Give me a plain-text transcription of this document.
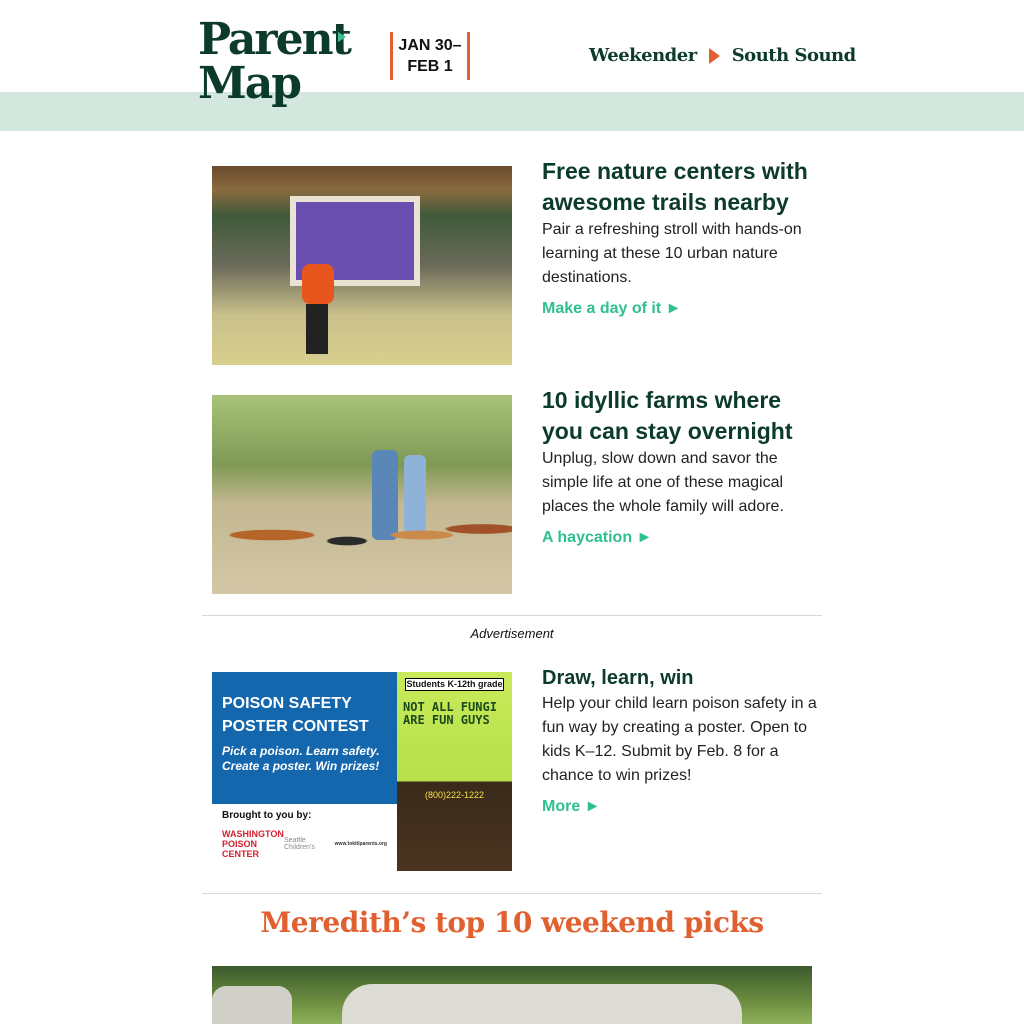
Parent
Map
JAN 30–
FEB 1
Weekender South Sound
Free nature centers with awesome trails nearby

Pair a refreshing stroll with hands-on learning at these 10 urban nature destinations.

Make a day of it ►
10 idyllic farms where you can stay overnight

Unplug, slow down and savor the simple life at one of these magical places the whole family will adore.

A haycation ►
Advertisement
POISON SAFETY POSTER CONTEST
Pick a poison. Learn safety. Create a poster. Win prizes!
Brought to you by:
WASHINGTON POISON CENTER
Seattle Children's	www.tokitlparents.org
Students K-12th grade
NOT ALL FUNGI ARE FUN GUYS
(800)222-1222
Draw, learn, win

Help your child learn poison safety in a fun way by creating a poster. Open to kids K–12. Submit by Feb. 8 for a chance to win prizes!

More ►
Meredith’s top 10 weekend picks
